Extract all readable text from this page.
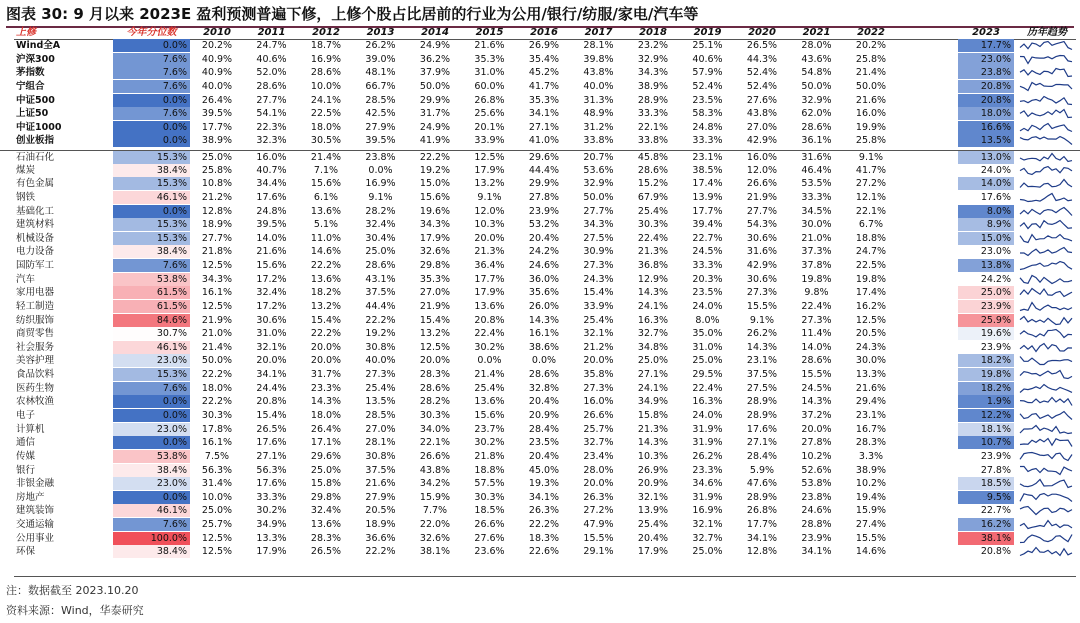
图表 30: 9 月以来 2023E 盈利预测普遍下修，上修个股占比居前的行业为公用/银行/纺服/家电/汽车等
上修	今年分位数	2010	2011	2012	2013	2014	2015	2016	2017	2018	2019	2020	2021	2022	2023	历年趋势
Wind全A	0.0%	20.2%	24.7%	18.7%	26.2%	24.9%	21.6%	26.9%	28.1%	23.2%	25.1%	26.5%	28.0%	20.2%	17.7%
沪深300	7.6%	40.9%	40.6%	16.9%	39.0%	36.2%	35.3%	35.4%	39.8%	32.9%	40.6%	44.3%	43.6%	25.8%	23.0%
茅指数	7.6%	40.9%	52.0%	28.6%	48.1%	37.9%	31.0%	45.2%	43.8%	34.3%	57.9%	52.4%	54.8%	21.4%	23.8%
宁组合	7.6%	40.0%	28.6%	10.0%	66.7%	50.0%	60.0%	41.7%	40.0%	38.9%	52.4%	52.4%	50.0%	50.0%	20.8%
中证500	0.0%	26.4%	27.7%	24.1%	28.5%	29.9%	26.8%	35.3%	31.3%	28.9%	23.5%	27.6%	32.9%	21.6%	20.8%
上证50	7.6%	39.5%	54.1%	22.5%	42.5%	31.7%	25.6%	34.1%	48.9%	33.3%	58.3%	43.8%	62.0%	16.0%	18.0%
中证1000	0.0%	17.7%	22.3%	18.0%	27.9%	24.9%	20.1%	27.1%	31.2%	22.1%	24.8%	27.0%	28.6%	19.9%	16.6%
创业板指	0.0%	38.9%	32.3%	30.5%	39.5%	41.9%	33.9%	41.0%	33.8%	33.8%	33.3%	42.9%	36.1%	25.8%	13.5%
石油石化	15.3%	25.0%	16.0%	21.4%	23.8%	22.2%	12.5%	29.6%	20.7%	45.8%	23.1%	16.0%	31.6%	9.1%	13.0%
煤炭	38.4%	25.8%	40.7%	7.1%	0.0%	19.2%	17.9%	44.4%	53.6%	28.6%	38.5%	12.0%	46.4%	41.7%	24.0%
有色金属	15.3%	10.8%	34.4%	15.6%	16.9%	15.0%	13.2%	29.9%	32.9%	15.2%	17.4%	26.6%	53.5%	27.2%	14.0%
钢铁	46.1%	21.2%	17.6%	6.1%	9.1%	15.6%	9.1%	27.8%	50.0%	67.9%	13.9%	21.9%	33.3%	12.1%	17.6%
基础化工	0.0%	12.8%	24.8%	13.6%	28.2%	19.6%	12.0%	23.9%	27.7%	25.4%	17.7%	27.7%	34.5%	22.1%	8.0%
建筑材料	15.3%	18.9%	39.5%	5.1%	32.4%	34.3%	10.3%	53.2%	34.3%	30.3%	39.4%	54.3%	30.0%	6.7%	8.9%
机械设备	15.3%	27.7%	14.0%	11.0%	30.4%	17.9%	20.0%	20.4%	27.5%	22.4%	22.7%	30.6%	21.0%	18.8%	15.0%
电力设备	38.4%	21.8%	21.6%	14.6%	25.0%	32.6%	21.3%	24.2%	30.9%	21.3%	24.5%	31.6%	37.3%	24.7%	23.0%
国防军工	7.6%	12.5%	15.6%	22.2%	28.6%	29.8%	36.4%	24.6%	27.3%	36.8%	33.3%	42.9%	37.8%	22.5%	13.8%
汽车	53.8%	34.3%	17.2%	13.6%	43.1%	35.3%	17.7%	36.0%	24.3%	12.9%	20.3%	30.6%	19.8%	19.8%	24.2%
家用电器	61.5%	16.1%	32.4%	18.2%	37.5%	27.0%	17.9%	35.6%	15.4%	14.3%	23.5%	27.3%	9.8%	17.4%	25.0%
轻工制造	61.5%	12.5%	17.2%	13.2%	44.4%	21.9%	13.6%	26.0%	33.9%	24.1%	24.0%	15.5%	22.4%	16.2%	23.9%
纺织服饰	84.6%	21.9%	30.6%	15.4%	22.2%	15.4%	20.8%	14.3%	25.4%	16.3%	8.0%	9.1%	27.3%	12.5%	25.9%
商贸零售	30.7%	21.0%	31.0%	22.2%	19.2%	13.2%	22.4%	16.1%	32.1%	32.7%	35.0%	26.2%	11.4%	20.5%	19.6%
社会服务	46.1%	21.4%	32.1%	20.0%	30.8%	12.5%	30.2%	38.6%	21.2%	34.8%	31.0%	14.3%	14.0%	24.3%	23.9%
美容护理	23.0%	50.0%	20.0%	20.0%	40.0%	20.0%	0.0%	0.0%	20.0%	25.0%	25.0%	23.1%	28.6%	30.0%	18.2%
食品饮料	15.3%	22.2%	34.1%	31.7%	27.3%	28.3%	21.4%	28.6%	35.8%	27.1%	29.5%	37.5%	15.5%	13.3%	19.8%
医药生物	7.6%	18.0%	24.4%	23.3%	25.4%	28.6%	25.4%	32.8%	27.3%	24.1%	22.4%	27.5%	24.5%	21.6%	18.2%
农林牧渔	0.0%	22.2%	20.8%	14.3%	13.5%	28.2%	13.6%	20.4%	16.0%	34.9%	16.3%	28.9%	14.3%	29.4%	1.9%
电子	0.0%	30.3%	15.4%	18.0%	28.5%	30.3%	15.6%	20.9%	26.6%	15.8%	24.0%	28.9%	37.2%	23.1%	12.2%
计算机	23.0%	17.8%	26.5%	26.4%	27.0%	34.0%	23.7%	28.4%	25.7%	21.3%	31.9%	17.6%	20.0%	16.7%	18.1%
通信	0.0%	16.1%	17.6%	17.1%	28.1%	22.1%	30.2%	23.5%	32.7%	14.3%	31.9%	27.1%	27.8%	28.3%	10.7%
传媒	53.8%	7.5%	27.1%	29.6%	30.8%	26.6%	21.8%	20.4%	23.4%	10.3%	26.2%	28.4%	10.2%	3.3%	23.9%
银行	38.4%	56.3%	56.3%	25.0%	37.5%	43.8%	18.8%	45.0%	28.0%	26.9%	23.3%	5.9%	52.6%	38.9%	27.8%
非银金融	23.0%	31.4%	17.6%	15.8%	21.6%	34.2%	57.5%	19.3%	20.0%	20.9%	34.6%	47.6%	53.8%	10.2%	18.5%
房地产	0.0%	10.0%	33.3%	29.8%	27.9%	15.9%	30.3%	34.1%	26.3%	32.1%	31.9%	28.9%	23.8%	19.4%	9.5%
建筑装饰	46.1%	25.0%	30.2%	32.4%	20.5%	7.7%	18.5%	26.3%	27.2%	13.9%	16.9%	26.8%	24.6%	15.9%	22.7%
交通运输	7.6%	25.7%	34.9%	13.6%	18.9%	22.0%	26.6%	22.2%	47.9%	25.4%	32.1%	17.7%	28.8%	27.4%	16.2%
公用事业	100.0%	12.5%	13.3%	28.3%	36.6%	32.6%	27.6%	18.3%	15.5%	20.4%	32.7%	34.1%	23.9%	15.5%	38.1%
环保	38.4%	12.5%	17.9%	26.5%	22.2%	38.1%	23.6%	22.6%	29.1%	17.9%	25.0%	12.8%	34.1%	14.6%	20.8%
注：数据截至 2023.10.20
资料来源：Wind，华泰研究
